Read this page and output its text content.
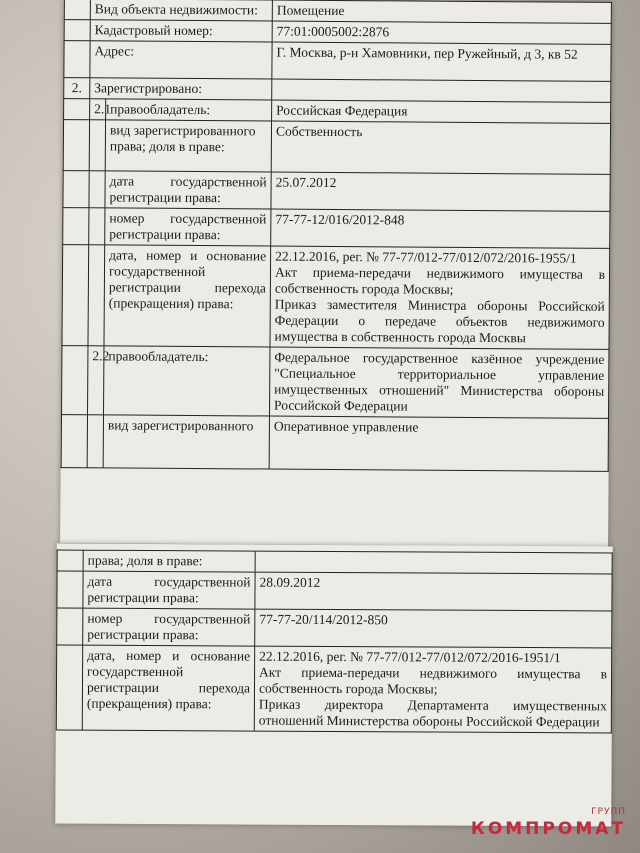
	Вид объекта недвижимости:		Помещение
	Кадастровый номер:		77:01:0005002:2876
	Адрес:		Г. Москва, р-н Хамовники, пер Ружейный, д 3, кв 52
2.	Зарегистрировано:		
	2.1	правообладатель:	Российская Федерация
		вид зарегистрированного права; доля в праве:	Собственность
		дата государственной регистрации права:	25.07.2012
		номер государственной регистрации права:	77-77-12/016/2012-848
		дата, номер и основание государственной регистрации перехода (прекращения) права:	22.12.2016, рег. № 77-77/012-77/012/072/2016-1955/1
Акт приема-передачи недвижимого имущества в собственность города Москвы;
Приказ заместителя Министра обороны Российской Федерации о передаче объектов недвижимого имущества в собственность города Москвы

	2.2	правообладатель:	Федеральное государственное казённое учреждение "Специальное территориальное управление имущественных отношений" Министерства обороны Российской Федерации
		вид зарегистрированного	Оперативное управление
	права; доля в праве:	
	дата государственной регистрации права:	28.09.2012
	номер государственной регистрации права:	77-77-20/114/2012-850
	дата, номер и основание государственной регистрации перехода (прекращения) права:	22.12.2016, рег. № 77-77/012-77/012/072/2016-1951/1
Акт приема-передачи недвижимого имущества в собственность города Москвы;
Приказ директора Департамента имущественных отношений Министерства обороны Российской Федерации
ГРУПП
КОМПРОМАТ
